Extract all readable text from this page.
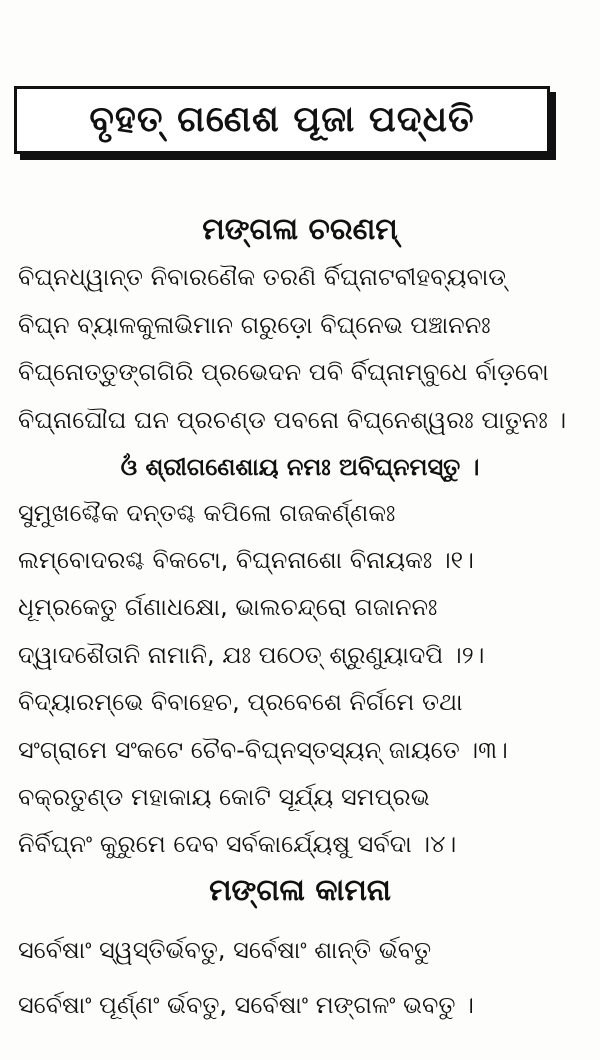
ବୃହତ୍ ଗଣେଶ ପୂଜା ପଦ୍ଧତି
ମଙ୍ଗଳା ଚରଣମ୍
ବିଘ୍ନଧ୍ୱାନ୍ତ ନିବାରଣୈକ ତରଣି ର୍ବିଘ୍ନାଟବୀହବ୍ୟବାଡ୍
ବିଘ୍ନ ବ୍ୟାଳକୁଳାଭିମାନ ଗରୁଡ଼ୋ ବିଘ୍ନେଭ ପଞ୍ଚାନନଃ
ବିଘ୍ନୋତ୍ତୁଙ୍ଗଗିରି ପ୍ରଭେଦନ ପବି ର୍ବିଘ୍ନାମ୍ବୁଧେ ର୍ବାଡ଼ବୋ
ବିଘ୍ନାଘୌଘ ଘନ ପ୍ରଚଣ୍ଡ ପବନୋ ବିଘ୍ନେଶ୍ୱରଃ ପାତୁନଃ ।
ଓଁ ଶ୍ରୀଗଣେଶାୟ ନମଃ ଅବିଘ୍ନମସ୍ତୁ ।
ସୁମୁଖଶ୍ଚୈକ ଦନ୍ତଶ୍ଚ କପିଳୋ ଗଜକର୍ଣ୍ଣକଃ
ଲମ୍ବୋଦରଶ୍ଚ ବିକଟୋ, ବିଘ୍ନନାଶୋ ବିନାୟକଃ ।୧।
ଧୂମ୍ରକେତୁ ର୍ଗଣାଧକ୍ଷୋ, ଭାଲଚନ୍ଦ୍ରୋ ଗଜାନନଃ
ଦ୍ୱାଦଶୈତାନି ନାମାନି, ଯଃ ପଠେତ୍ ଶ୍ରୁଣୁୟାଦପି ।୨।
ବିଦ୍ୟାରମ୍ଭେ ବିବାହେଚ, ପ୍ରବେଶେ ନିର୍ଗମେ ତଥା
ସଂଗ୍ରାମେ ସଂକଟେ ଚୈବ-ବିଘ୍ନସ୍ତସ୍ୟନ୍ ଜାୟତେ ।୩।
ବକ୍ରତୁଣ୍ଡ ମହାକାୟ କୋଟି ସୂର୍ଯ୍ୟ ସମପ୍ରଭ
ନିର୍ବିଘ୍ନଂ କୁରୁମେ ଦେବ ସର୍ବକାର୍ଯ୍ୟେଷୁ ସର୍ବଦା ।୪।
ମଙ୍ଗଳା କାମନା
ସର୍ବେଷାଂ ସ୍ୱସ୍ତିର୍ଭବତୁ, ସର୍ବେଷାଂ ଶାନ୍ତି ର୍ଭବତୁ
ସର୍ବେଷାଂ ପୂର୍ଣ୍ଣଂ ର୍ଭବତୁ, ସର୍ବେଷାଂ ମଙ୍ଗଳଂ ଭବତୁ ।
